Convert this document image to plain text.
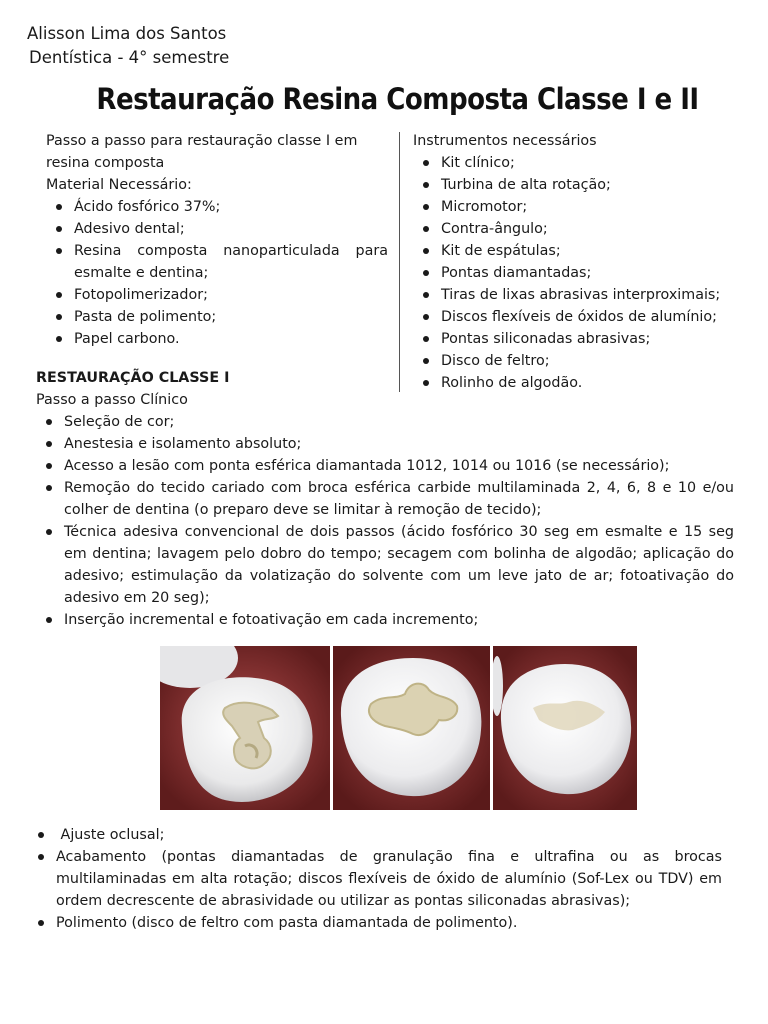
Alisson Lima dos Santos
Dentística - 4° semestre
Restauração Resina Composta Classe I e II
Passo a passo para restauração classe I em resina composta
Material Necessário:
Ácido fosfórico 37%;
Adesivo dental;
Resina composta nanoparticulada para esmalte e dentina;
Fotopolimerizador;
Pasta de polimento;
Papel carbono.
Instrumentos necessários
Kit clínico;
Turbina de alta rotação;
Micromotor;
Contra-ângulo;
Kit de espátulas;
Pontas diamantadas;
Tiras de lixas abrasivas interproximais;
Discos flexíveis de óxidos de alumínio;
Pontas siliconadas abrasivas;
Disco de feltro;
Rolinho de algodão.
RESTAURAÇÃO CLASSE I
Passo a passo Clínico
Seleção de cor;
Anestesia e isolamento absoluto;
Acesso a lesão com ponta esférica diamantada 1012, 1014 ou 1016 (se necessário);
Remoção do tecido cariado com broca esférica carbide multilaminada 2, 4, 6, 8 e 10 e/ou colher de dentina (o preparo deve se limitar à remoção de tecido);
Técnica adesiva convencional de dois passos (ácido fosfórico 30 seg em esmalte e 15 seg em dentina; lavagem pelo dobro do tempo; secagem com bolinha de algodão; aplicação do adesivo; estimulação da volatização do solvente com um leve jato de ar; fotoativação do adesivo em 20 seg);
Inserção incremental e fotoativação em cada incremento;
Ajuste oclusal;
Acabamento (pontas diamantadas de granulação fina e ultrafina ou as brocas multilaminadas em alta rotação; discos flexíveis de óxido de alumínio (Sof-Lex ou TDV) em ordem decrescente de abrasividade ou utilizar as pontas siliconadas abrasivas);
Polimento (disco de feltro com pasta diamantada de polimento).
